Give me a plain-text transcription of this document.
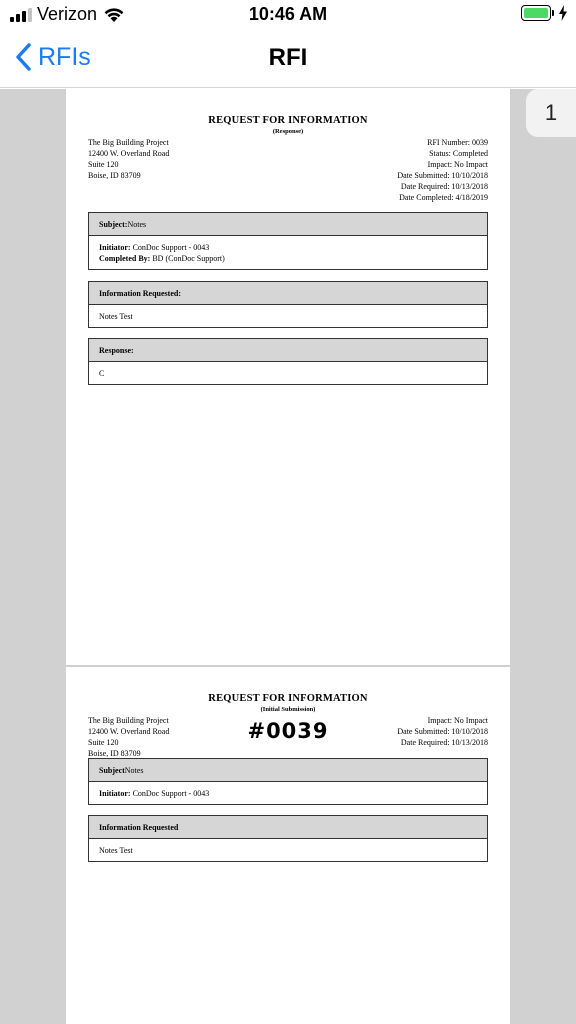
Verizon	10:46 AM
RFIs	RFI
REQUEST FOR INFORMATION
(Response)
The Big Building Project
12400 W. Overland Road
Suite 120
Boise, ID 83709
RFI Number: 0039
Status: Completed
Impact: No Impact
Date Submitted: 10/10/2018
Date Required: 10/13/2018
Date Completed: 4/18/2019
Subject: Notes
Initiator: ConDoc Support - 0043
Completed By: BD (ConDoc Support)
Information Requested:
Notes Test
Response:
C
REQUEST FOR INFORMATION
(Initial Submission)
#0039
The Big Building Project
12400 W. Overland Road
Suite 120
Boise, ID 83709
Impact: No Impact
Date Submitted: 10/10/2018
Date Required: 10/13/2018
Subject Notes
Initiator: ConDoc Support - 0043
Information Requested
Notes Test
1
